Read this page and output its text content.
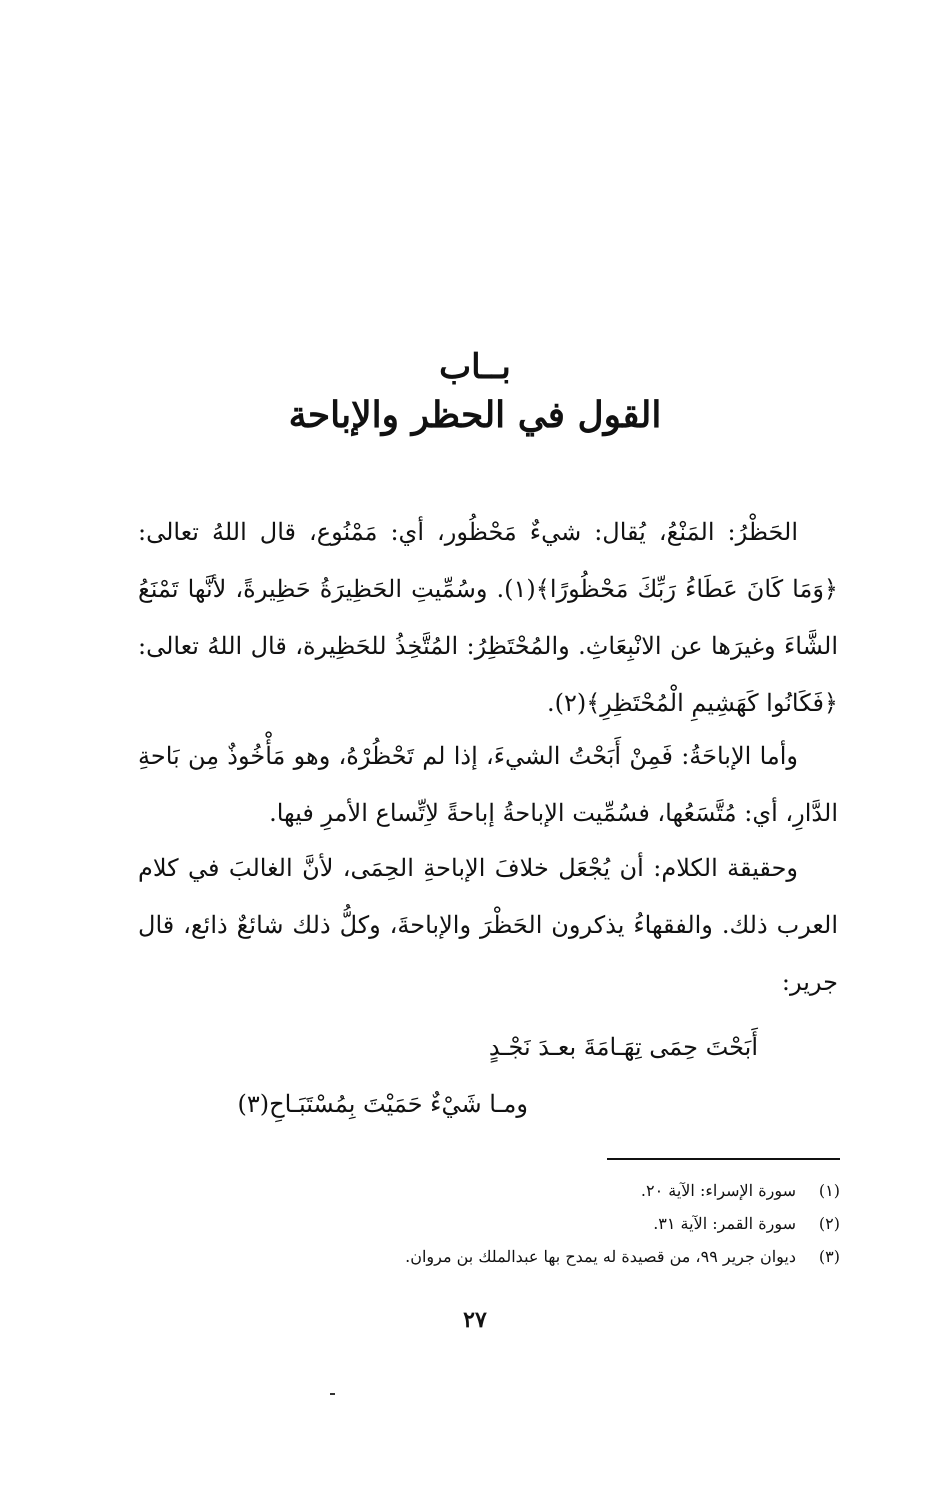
بــاب
القول في الحظر والإباحة

الحَظْرُ: المَنْعُ، يُقال: شيءٌ مَحْظُور، أي: مَمْنُوع، قال اللهُ تعالى: ﴿وَمَا كَانَ عَطَاءُ رَبِّكَ مَحْظُورًا﴾(١). وسُمِّيتِ الحَظِيرَةُ حَظِيرةً، لأنَّها تَمْنَعُ الشَّاءَ وغيرَها عن الانْبِعَاثِ. والمُحْتَظِرُ: المُتَّخِذُ للحَظِيرة، قال اللهُ تعالى: ﴿فَكَانُوا كَهَشِيمِ الْمُحْتَظِرِ﴾(٢).

وأما الإباحَةُ: فَمِنْ أَبَحْتُ الشيءَ، إذا لم تَحْظُرْهُ، وهو مَأْخُوذٌ مِن بَاحةِ الدَّارِ، أي: مُتَّسَعُها، فسُمِّيت الإباحةُ إباحةً لاِتِّساع الأمرِ فيها.

وحقيقة الكلام: أن يُجْعَل خلافَ الإباحةِ الحِمَى، لأنَّ الغالبَ في كلام العرب ذلك. والفقهاءُ يذكرون الحَظْرَ والإباحةَ، وكلُّ ذلك شائعٌ ذائع، قال جرير:

أَبَحْتَ حِمَى تِهَـامَةَ بعـدَ نَجْـدٍ
ومـا شَيْءٌ حَمَيْتَ بِمُسْتَبَـاحِ(٣)
(١)سورة الإسراء: الآية ٢٠.
(٢)سورة القمر: الآية ٣١.
(٣)ديوان جرير ٩٩، من قصيدة له يمدح بها عبدالملك بن مروان.
٢٧
